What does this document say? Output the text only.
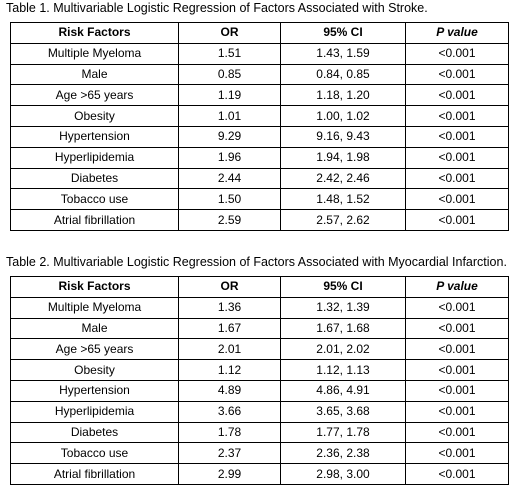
Table 1. Multivariable Logistic Regression of Factors Associated with Stroke.
Risk Factors	OR	95% CI	P value
Multiple Myeloma	1.51	1.43, 1.59	<0.001
Male	0.85	0.84, 0.85	<0.001
Age >65 years	1.19	1.18, 1.20	<0.001
Obesity	1.01	1.00, 1.02	<0.001
Hypertension	9.29	9.16, 9.43	<0.001
Hyperlipidemia	1.96	1.94, 1.98	<0.001
Diabetes	2.44	2.42, 2.46	<0.001
Tobacco use	1.50	1.48, 1.52	<0.001
Atrial fibrillation	2.59	2.57, 2.62	<0.001
Table 2. Multivariable Logistic Regression of Factors Associated with Myocardial Infarction.
Risk Factors	OR	95% CI	P value
Multiple Myeloma	1.36	1.32, 1.39	<0.001
Male	1.67	1.67, 1.68	<0.001
Age >65 years	2.01	2.01, 2.02	<0.001
Obesity	1.12	1.12, 1.13	<0.001
Hypertension	4.89	4.86, 4.91	<0.001
Hyperlipidemia	3.66	3.65, 3.68	<0.001
Diabetes	1.78	1.77, 1.78	<0.001
Tobacco use	2.37	2.36, 2.38	<0.001
Atrial fibrillation	2.99	2.98, 3.00	<0.001
